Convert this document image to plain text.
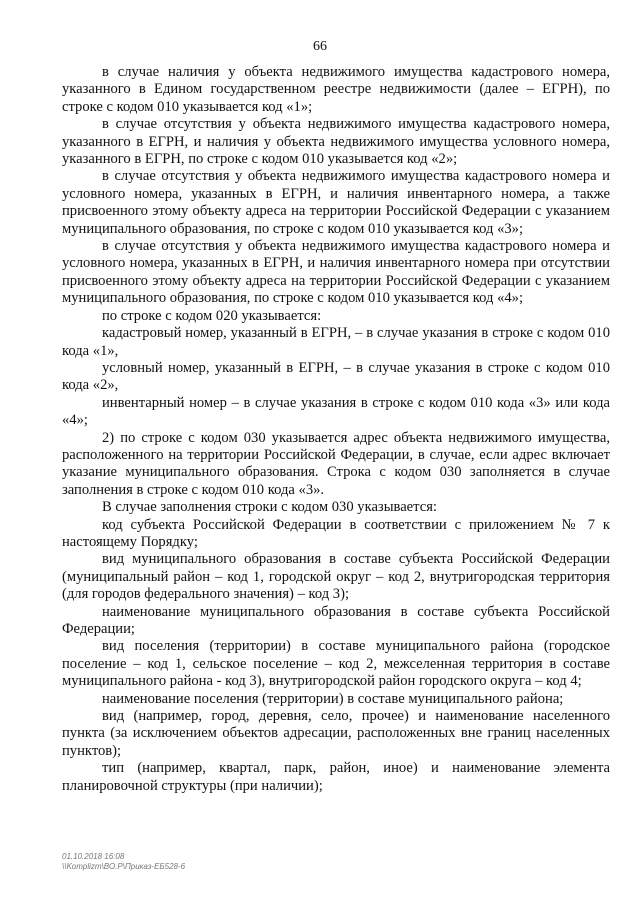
66

в случае наличия у объекта недвижимого имущества кадастрового номера, указанного в Едином государственном реестре недвижимости (далее – ЕГРН), по строке с кодом 010 указывается код «1»;

в случае отсутствия у объекта недвижимого имущества кадастрового номера, указанного в ЕГРН, и наличия у объекта недвижимого имущества условного номера, указанного в ЕГРН, по строке с кодом 010 указывается код «2»;

в случае отсутствия у объекта недвижимого имущества кадастрового номера и условного номера, указанных в ЕГРН, и наличия инвентарного номера, а также присвоенного этому объекту адреса на территории Российской Федерации с указанием муниципального образования, по строке с кодом 010 указывается код «3»;

в случае отсутствия у объекта недвижимого имущества кадастрового номера и условного номера, указанных в ЕГРН, и наличия инвентарного номера при отсутствии присвоенного этому объекту адреса на территории Российской Федерации с указанием муниципального образования, по строке с кодом 010 указывается код «4»;

по строке с кодом 020 указывается:

кадастровый номер, указанный в ЕГРН, – в случае указания в строке с кодом 010 кода «1»,

условный номер, указанный в ЕГРН, – в случае указания в строке с кодом 010 кода «2»,

инвентарный номер – в случае указания в строке с кодом 010 кода «3» или кода «4»;

2) по строке с кодом 030 указывается адрес объекта недвижимого имущества, расположенного на территории Российской Федерации, в случае, если адрес включает указание муниципального образования. Строка с кодом 030 заполняется в случае заполнения в строке с кодом 010 кода «3».

В случае заполнения строки с кодом 030 указывается:

код субъекта Российской Федерации в соответствии с приложением № 7 к настоящему Порядку;

вид муниципального образования в составе субъекта Российской Федерации (муниципальный район – код 1, городской округ – код 2, внутригородская территория (для городов федерального значения) – код 3);

наименование муниципального образования в составе субъекта Российской Федерации;

вид поселения (территории) в составе муниципального района (городское поселение – код 1, сельское поселение – код 2, межселенная территория в составе муниципального района - код 3), внутригородской район городского округа – код 4;

наименование поселения (территории) в составе муниципального района;

вид (например, город, деревня, село, прочее) и наименование населенного пункта (за исключением объектов адресации, расположенных вне границ населенных пунктов);

тип (например, квартал, парк, район, иное) и наименование элемента планировочной структуры (при наличии);

01.10.2018 16:08
\\Komplizm\ВО.P\Приказ-ЕБ528-6
